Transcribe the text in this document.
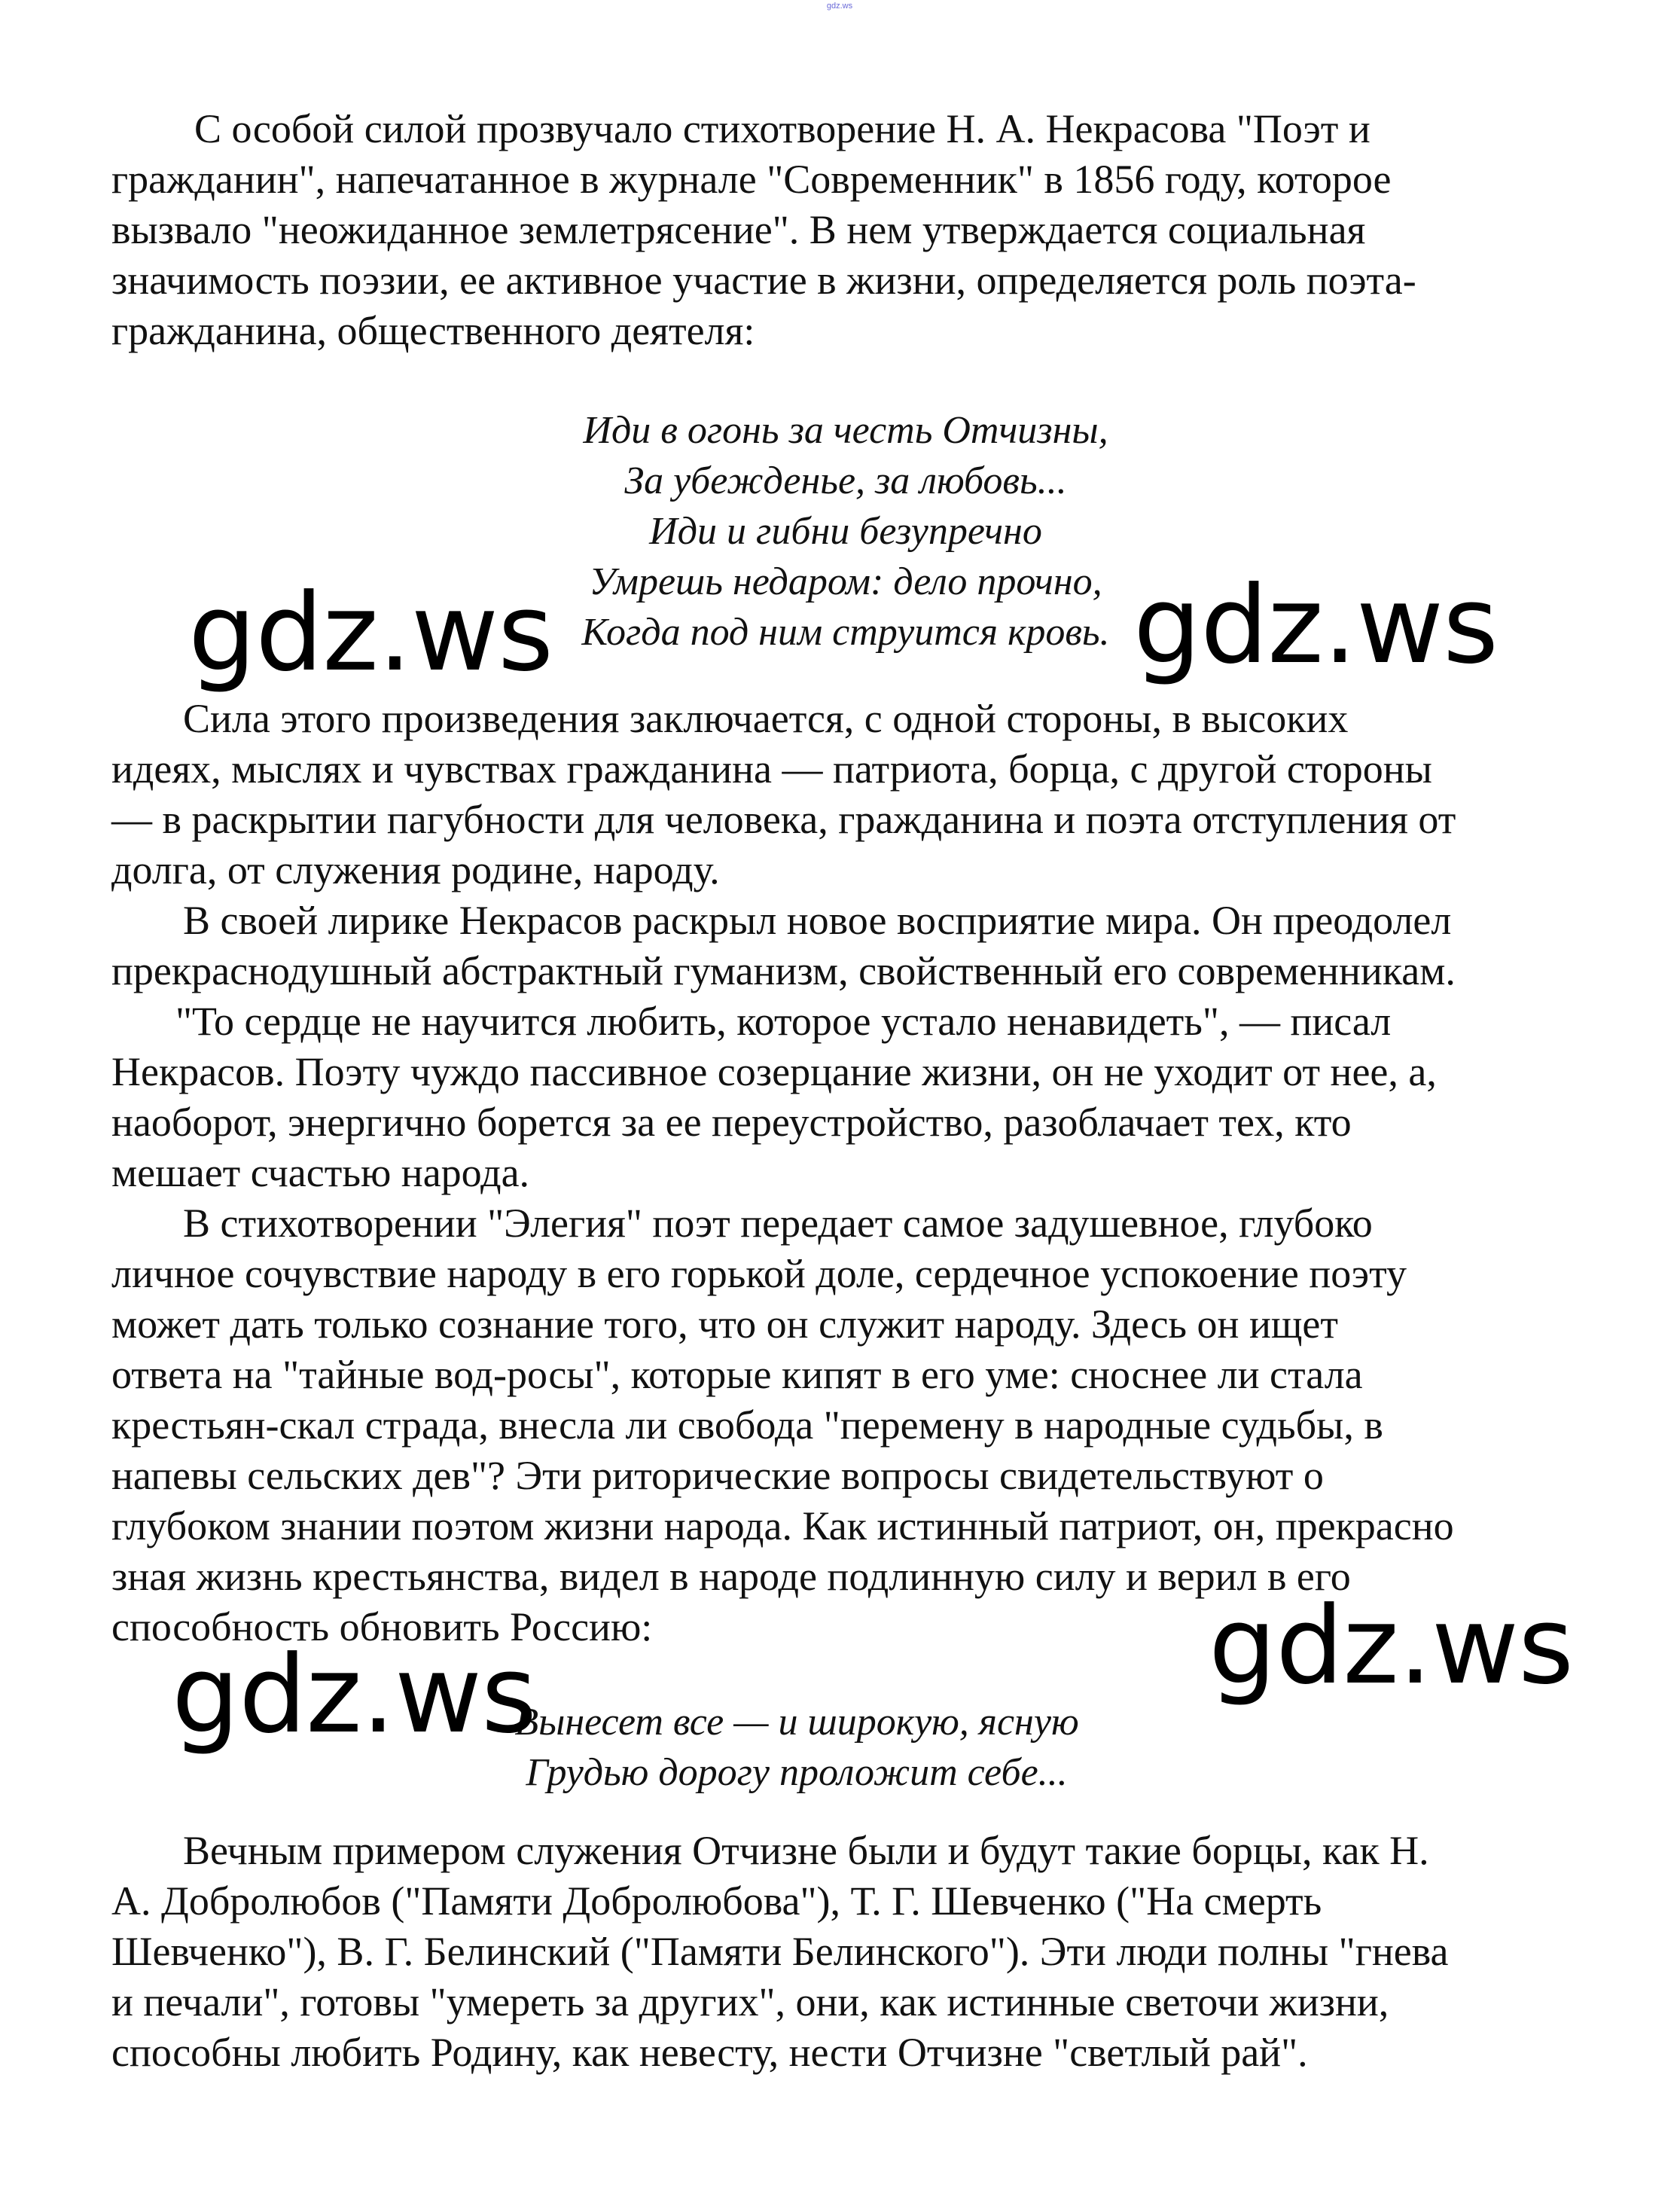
gdz.ws
С особой силой прозвучало стихотворение Н. А. Некрасова "Поэт и
гражданин", напечатанное в журнале "Современник" в 1856 году, которое
вызвало "неожиданное землетрясение". В нем утверждается социальная
значимость поэзии, ее активное участие в жизни, определяется роль поэта-
гражданина, общественного деятеля:
Иди в огонь за честь Отчизны,
За убежденье, за любовь...
Иди и гибни безупречно
Умрешь недаром: дело прочно,
Когда под ним струится кровь.
Сила этого произведения заключается, с одной стороны, в высоких
идеях, мыслях и чувствах гражданина — патриота, борца, с другой стороны
— в раскрытии пагубности для человека, гражданина и поэта отступления от
долга, от служения родине, народу.
В своей лирике Некрасов раскрыл новое восприятие мира. Он преодолел
прекраснодушный абстрактный гуманизм, свойственный его современникам.
"То сердце не научится любить, которое устало ненавидеть", — писал
Некрасов. Поэту чуждо пассивное созерцание жизни, он не уходит от нее, а,
наоборот, энергично борется за ее переустройство, разоблачает тех, кто
мешает счастью народа.
В стихотворении "Элегия" поэт передает самое задушевное, глубоко
личное сочувствие народу в его горькой доле, сердечное успокоение поэту
может дать только сознание того, что он служит народу. Здесь он ищет
ответа на "тайные вод-росы", которые кипят в его уме: сноснее ли стала
крестьян-скал страда, внесла ли свобода "перемену в народные судьбы, в
напевы сельских дев"? Эти риторические вопросы свидетельствуют о
глубоком знании поэтом жизни народа. Как истинный патриот, он, прекрасно
зная жизнь крестьянства, видел в народе подлинную силу и верил в его
способность обновить Россию:
Вынесет все — и широкую, ясную
Грудью дорогу проложит себе...
Вечным примером служения Отчизне были и будут такие борцы, как Н.
А. Добролюбов ("Памяти Добролюбова"), Т. Г. Шевченко ("На смерть
Шевченко"), В. Г. Белинский ("Памяти Белинского"). Эти люди полны "гнева
и печали", готовы "умереть за других", они, как истинные светочи жизни,
способны любить Родину, как невесту, нести Отчизне "светлый рай".
gdz.ws	gdz.ws
gdz.ws
gdz.ws
